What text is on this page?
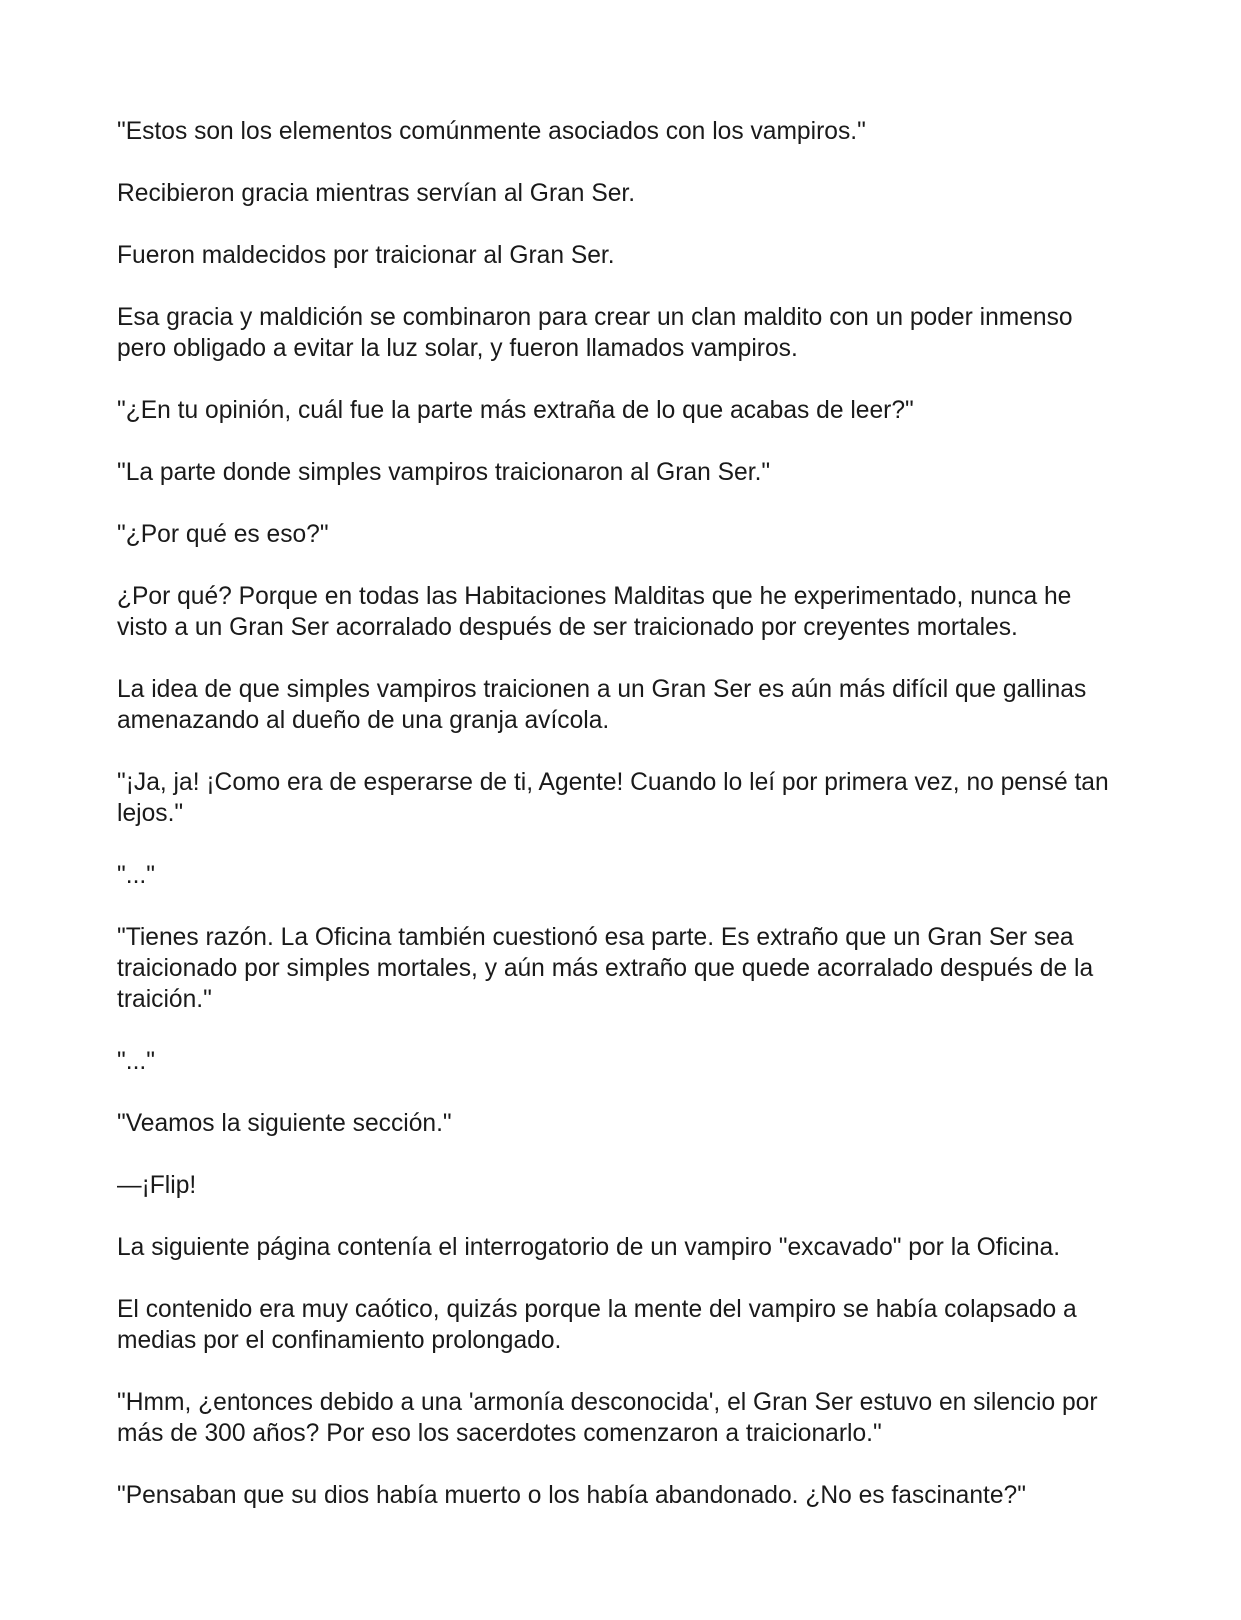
"Estos son los elementos comúnmente asociados con los vampiros."

Recibieron gracia mientras servían al Gran Ser.

Fueron maldecidos por traicionar al Gran Ser.

Esa gracia y maldición se combinaron para crear un clan maldito con un poder inmenso pero obligado a evitar la luz solar, y fueron llamados vampiros.

"¿En tu opinión, cuál fue la parte más extraña de lo que acabas de leer?"

"La parte donde simples vampiros traicionaron al Gran Ser."

"¿Por qué es eso?"

¿Por qué? Porque en todas las Habitaciones Malditas que he experimentado, nunca he visto a un Gran Ser acorralado después de ser traicionado por creyentes mortales.

La idea de que simples vampiros traicionen a un Gran Ser es aún más difícil que gallinas amenazando al dueño de una granja avícola.

"¡Ja, ja! ¡Como era de esperarse de ti, Agente! Cuando lo leí por primera vez, no pensé tan lejos."

"..."

"Tienes razón. La Oficina también cuestionó esa parte. Es extraño que un Gran Ser sea traicionado por simples mortales, y aún más extraño que quede acorralado después de la traición."

"..."

"Veamos la siguiente sección."

—¡Flip!

La siguiente página contenía el interrogatorio de un vampiro "excavado" por la Oficina.

El contenido era muy caótico, quizás porque la mente del vampiro se había colapsado a medias por el confinamiento prolongado.

"Hmm, ¿entonces debido a una 'armonía desconocida', el Gran Ser estuvo en silencio por más de 300 años? Por eso los sacerdotes comenzaron a traicionarlo."

"Pensaban que su dios había muerto o los había abandonado. ¿No es fascinante?"
